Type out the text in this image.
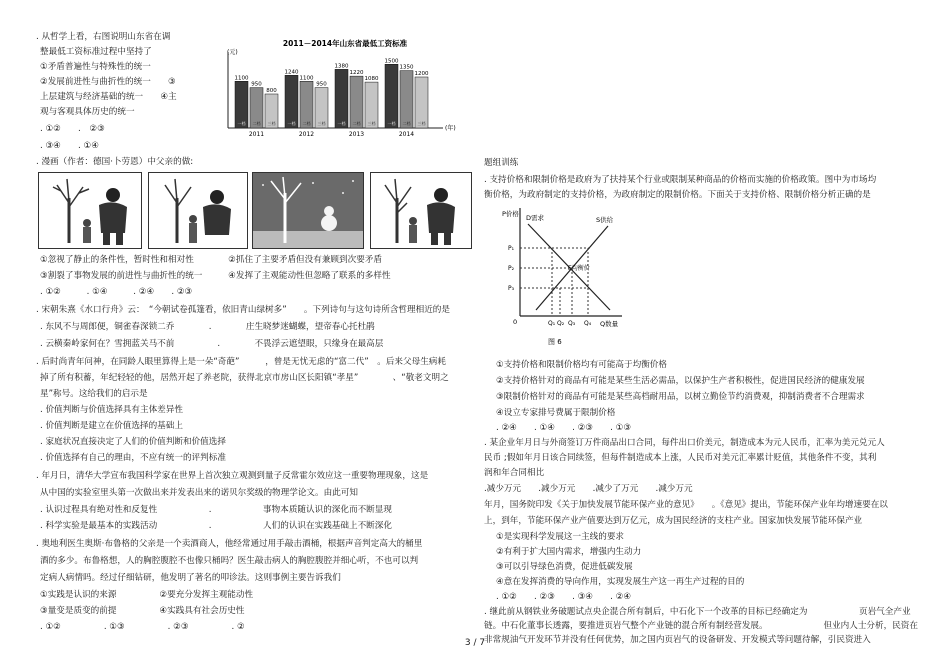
. 从哲学上看，右图说明山东省在调
整最低工资标准过程中坚持了
①矛盾普遍性与特殊性的统一
②发展前进性与曲折性的统一　　③
上层建筑与经济基础的统一　　④主
观与客观具体历史的统一
. ①②　　.　②③
. ③④　　. ①④
2011－2014年山东省最低工资标准
(元)
(年)
1100
一档
950
二档
800
三档
2011
1240
一档
1100
二档
950
三档
2012
1380
一档
1220
二档
1080
三档
2013
1500
一档
1350
二档
1200
三档
2014
. 漫画（作者：德国·卜劳恩）中父亲的做:
①忽视了静止的条件性，暂时性和相对性　　　　②抓住了主要矛盾但没有兼顾到次要矛盾
③割裂了事物发展的前进性与曲折性的统一　　　④发挥了主观能动性但忽略了联系的多样性
. ①②　　　. ①④　　　. ②④　　. ②③
. 宋朝朱熹《水口行舟》云：　“今朝试卷孤篷看，依旧青山绿树多”　　。下列诗句与这句诗所含哲理相近的是
. 东风不与周郎便，铜雀春深锁二乔　　　　.　　　　庄生晓梦迷蝴蝶，望帝春心托杜鹃
. 云横秦岭家何在？雪拥蓝关马不前　　　　　.　　　　不畏浮云遮望眼，只缘身在最高层
. 后时尚青年问神，在同龄人眼里算得上是一朵“奇葩”　　　，曾是无忧无虑的“富二代”　。后来父母生病耗
掉了所有积蓄，年纪轻轻的他，居然开起了养老院，获得北京市房山区长阳镇“孝星”　　　　、“敬老文明之
星”称号。这给我们的启示是
. 价值判断与价值选择具有主体差异性
. 价值判断是建立在价值选择的基础上
. 家庭状况直接决定了人们的价值判断和价值选择
. 价值选择有自己的理由，不应有统一的评判标准
. 年月日，清华大学宣布我国科学家在世界上首次独立观测到量子反常霍尔效应这一重要物理现象，这是
从中国的实验室里头第一次做出来并发表出来的诺贝尔奖级的物理学论文。由此可知
. 认识过程具有绝对性和反复性　　　　　　.　　　　　　事物本质随认识的深化而不断显现
. 科学实验是最基本的实践活动　　　　　　.　　　　　　人们的认识在实践基础上不断深化
. 奥地利医生奥斯·布鲁格的父亲是一个卖酒商人，他经常通过用手敲击酒桶，根据声音判定高大的桶里
酒的多少。布鲁格想，人的胸腔腹腔不也像只桶吗？医生敲击病人的胸腔腹腔并细心听，不也可以判
定病人病情吗。经过仔细钻研，他发明了著名的叩诊法。这则事例主要告诉我们
①实践是认识的来源　　　　　②要充分发挥主观能动性
③量变是质变的前提　　　　　④实践具有社会历史性
. ①②　　　　　. ①③　　　　　. ②③　　　　　. ②
题组训练
. 支持价格和限制价格是政府为了扶持某个行业或限制某种商品的价格而实施的价格政策。图中为市场均
衡价格，为政府制定的支持价格，为政府制定的限制价格。下面关于支持价格、限制价格分析正确的是
P价格
Q数量
0
D需求	S供给
E均衡价
P₁
P₂
P₃
Q₁ Q₂ Q₃ Q₄
图 6
①支持价格和限制价格均有可能高于均衡价格
②支持价格针对的商品有可能是某些生活必需品，以保护生产者积极性，促进国民经济的健康发展
③限制价格针对的商品有可能是某些高档耐用品，以树立勤俭节约消费观，抑制消费者不合理需求
④设立专家排号费属于限制价格
. ②④　　. ①④　　. ②③　　. ①③
. 某企业年月日与外商签订万件商品出口合同，每件出口价美元，制造成本为元人民币，汇率为美元兑元人
民币 ;假如年月日该合同续签，但每件制造成本上涨，人民币对美元汇率累计贬值，其他条件不变，其利
润和年合同相比
.减少万元　　.减少万元　　.减少了万元　　.减少万元
年月，国务院印发《关于加快发展节能环保产业的意见》　　。《意见》提出，节能环保产业年均增速要在以
上，到年，节能环保产业产值要达到万亿元，成为国民经济的支柱产业。国家加快发展节能环保产业
①是实现科学发展这一主线的要求
②有利于扩大国内需求，增强内生动力
③可以引导绿色消费，促进低碳发展
④意在发挥消费的导向作用，实现发展生产这一再生产过程的目的
. ①②　　. ②③　　. ③④　　. ②④
. 继此前从钢铁业务破题试点央企混合所有制后，中石化下一个改革的目标已经确定为　　　　　　页岩气全产业
链。中石化董事长透露，要推进页岩气整个产业链的混合所有制经营发展。　　　　　　　但业内人士分析，民资在
非常规油气开发环节并没有任何优势，加之国内页岩气的设备研发、开发模式等问题待解，引民资进入
3 / 7
